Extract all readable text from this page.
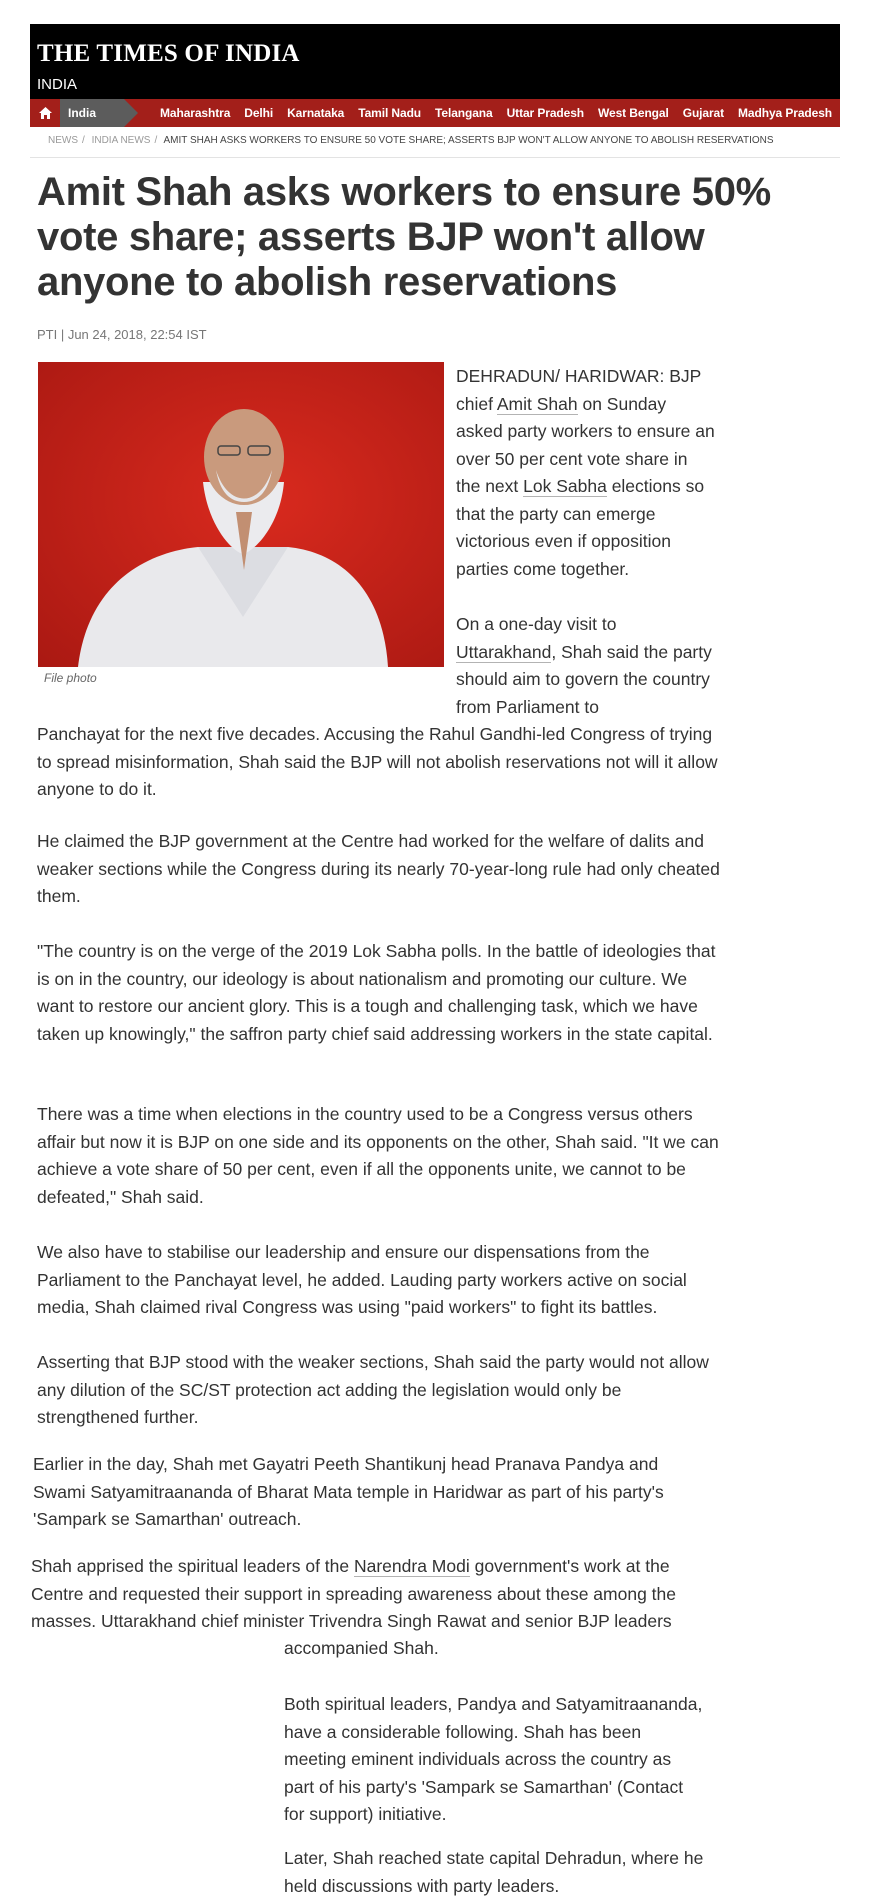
THE TIMES OF INDIA
INDIA
India	Maharashtra Delhi Karnataka Tamil Nadu Telangana Uttar Pradesh West Bengal Gujarat Madhya Pradesh Bihar
NEWS / INDIA NEWS / AMIT SHAH ASKS WORKERS TO ENSURE 50 VOTE SHARE; ASSERTS BJP WON'T ALLOW ANYONE TO ABOLISH RESERVATIONS
Amit Shah asks workers to ensure 50% vote share; asserts BJP won't allow anyone to abolish reservations
PTI | Jun 24, 2018, 22:54 IST
File photo

DEHRADUN/ HARIDWAR: BJP chief Amit Shah on Sunday asked party workers to ensure an over 50 per cent vote share in the next Lok Sabha elections so that the party can emerge victorious even if opposition parties come together.

On a one-day visit to Uttarakhand, Shah said the party should aim to govern the country from Parliament to

Panchayat for the next five decades. Accusing the Rahul Gandhi-led Congress of trying to spread misinformation, Shah said the BJP will not abolish reservations not will it allow anyone to do it.

He claimed the BJP government at the Centre had worked for the welfare of dalits and weaker sections while the Congress during its nearly 70-year-long rule had only cheated them.

"The country is on the verge of the 2019 Lok Sabha polls. In the battle of ideologies that is on in the country, our ideology is about nationalism and promoting our culture. We want to restore our ancient glory. This is a tough and challenging task, which we have taken up knowingly," the saffron party chief said addressing workers in the state capital.

There was a time when elections in the country used to be a Congress versus others affair but now it is BJP on one side and its opponents on the other, Shah said. "It we can achieve a vote share of 50 per cent, even if all the opponents unite, we cannot to be defeated," Shah said.

We also have to stabilise our leadership and ensure our dispensations from the Parliament to the Panchayat level, he added. Lauding party workers active on social media, Shah claimed rival Congress was using "paid workers" to fight its battles.

Asserting that BJP stood with the weaker sections, Shah said the party would not allow any dilution of the SC/ST protection act adding the legislation would only be strengthened further.

Earlier in the day, Shah met Gayatri Peeth Shantikunj head Pranava Pandya and Swami Satyamitraananda of Bharat Mata temple in Haridwar as part of his party's 'Sampark se Samarthan' outreach.

Shah apprised the spiritual leaders of the Narendra Modi government's work at the Centre and requested their support in spreading awareness about these among the masses. Uttarakhand chief minister Trivendra Singh Rawat and senior BJP leaders

accompanied Shah.

Both spiritual leaders, Pandya and Satyamitraananda, have a considerable following. Shah has been meeting eminent individuals across the country as part of his party's 'Sampark se Samarthan' (Contact for support) initiative.

Later, Shah reached state capital Dehradun, where he held discussions with party leaders.
